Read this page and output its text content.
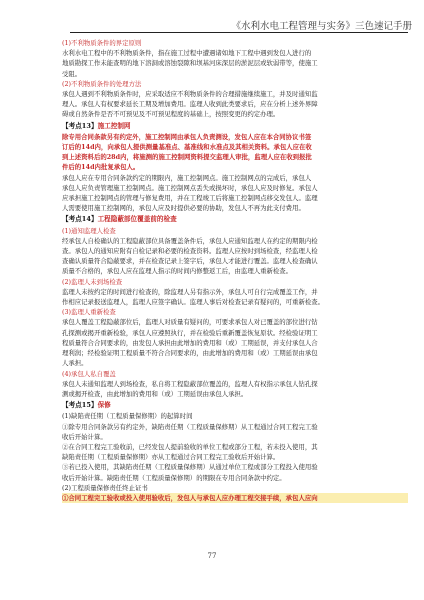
《水利水电工程管理与实务》三色速记手册

(1)不利物质条件的界定原则

水利水电工程中的不利物质条件，指在施工过程中遭遇诸如地下工程中遇到发包人进行的

地质勘探工作未能查明的地下溶洞或溶蚀裂隙和坝基河床深层的淤泥层或软弱带等，使施工

受阻。

(2)不利物质条件的处理方法

承包人遇到不利物质条件时，应采取适应不利物质条件的合理措施继续施工，并及时通知监

理人。承包人有权要求延长工期及增加费用。监理人收到此类要求后，应在分析上述外界障

碍或自然条件是否不可预见及不可预见程度的基础上，按照变更的约定办理。

【考点13】施工控制网

除专用合同条款另有约定外，施工控制网由承包人负责测设，发包人应在本合同协议书签

订后的14d内，向承包人提供测量基准点、基准线和水准点及其相关资料。承包人应在收

到上述资料后的28d内，将施测的施工控制网资料提交监理人审批，监理人应在收到报批

件后的14d内批复承包人。

承包人应在专用合同条款约定的期限内，施工控制网点。施工控制网点的完成后，承包人

承包人应负责管理施工控制网点。施工控制网点丢失或损坏时，承包人应及时修复。承包人

应承担施工控制网点的管理与修复费用，并在工程竣工后将施工控制网点移交发包人。监理

人需要使用施工控制网的，承包人应及时提供必要的协助，发包人不再为此支付费用。

【考点14】工程隐蔽部位覆盖前的检查

(1)通知监理人检查

经承包人自检确认的工程隐蔽部位具备覆盖条件后，承包人应通知监理人在约定的期限内检

查。承包人的通知应附有自检记录和必要的检查资料。监理人应按时到场检查，经监理人检

查确认质量符合隐蔽要求，并在检查记录上签字后，承包人才能进行覆盖。监理人检查确认

质量不合格的，承包人应在监理人指示的时间内修整返工后，由监理人重新检查。

(2)监理人未到场检查

监理人未按约定的时间进行检查的，除监理人另有指示外，承包人可自行完成覆盖工作，并

作相应记录报送监理人，监理人应签字确认。监理人事后对检查记录有疑问的，可重新检查。

(3)监理人重新检查

承包人覆盖工程隐蔽部位后，监理人对质量有疑问的，可要求承包人对已覆盖的部位进行钻

孔探测或揭开重新检验，承包人应遵照执行，并在检验后重新覆盖恢复原状。经检验证明工

程质量符合合同要求的，由发包人承担由此增加的费用和（或）工期延误，并支付承包人合

理利润；经检验证明工程质量不符合合同要求的，由此增加的费用和（或）工期延误由承包

人承担。

(4)承包人私自覆盖

承包人未通知监理人到场检查，私自将工程隐蔽部位覆盖的，监理人有权指示承包人钻孔探

测或揭开检查，由此增加的费用和（或）工期延误由承包人承担。

【考点15】保修

(1)缺陷责任期（工程质量保修期）的起算时间

①除专用合同条款另有约定外，缺陷责任期（工程质量保修期）从工程通过合同工程完工验

收后开始计算。

②在合同工程完工验收前，已经发包人提前验收的单位工程或部分工程，若未投入使用，其

缺陷责任期（工程质量保修期）亦从工程通过合同工程完工验收后开始计算。

③若已投入使用，其缺陷责任期（工程质量保修期）从通过单位工程或部分工程投入使用验

收后开始计算。缺陷责任期（工程质量保修期）的期限在专用合同条款中约定。

(2)工程质量保修责任终止证书

①合同工程完工验收或投入使用验收后，发包人与承包人应办理工程交接手续，承包人应向

77
